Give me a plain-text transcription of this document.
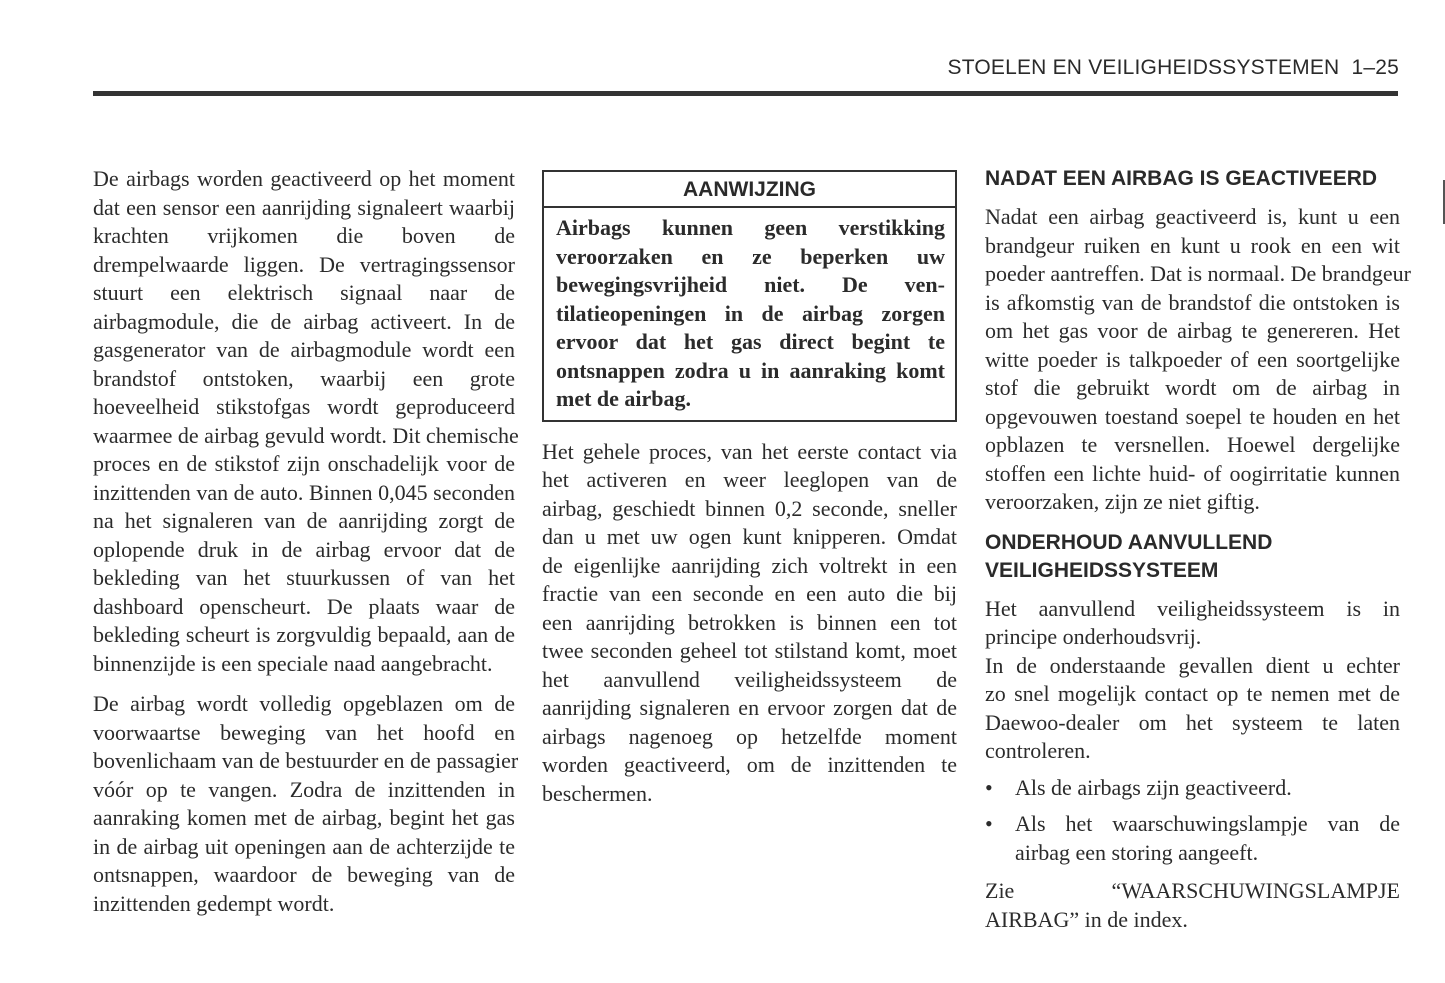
STOELEN EN VEILIGHEIDSSYSTEMEN 1–25

De airbags worden geactiveerd op het moment
dat een sensor een aanrijding signaleert waarbij
krachten vrijkomen die boven de
drempelwaarde liggen. De vertragingssensor
stuurt een elektrisch signaal naar de
airbagmodule, die de airbag activeert. In de
gasgenerator van de airbagmodule wordt een
brandstof ontstoken, waarbij een grote
hoeveelheid stikstofgas wordt geproduceerd
waarmee de airbag gevuld wordt. Dit chemische
proces en de stikstof zijn onschadelijk voor de
inzittenden van de auto. Binnen 0,045 seconden
na het signaleren van de aanrijding zorgt de
oplopende druk in de airbag ervoor dat de
bekleding van het stuurkussen of van het
dashboard openscheurt. De plaats waar de
bekleding scheurt is zorgvuldig bepaald, aan de
binnenzijde is een speciale naad aangebracht.

De airbag wordt volledig opgeblazen om de
voorwaartse beweging van het hoofd en
bovenlichaam van de bestuurder en de passagier
vóór op te vangen. Zodra de inzittenden in
aanraking komen met de airbag, begint het gas
in de airbag uit openingen aan de achterzijde te
ontsnappen, waardoor de beweging van de
inzittenden gedempt wordt.

AANWIJZING
Airbags kunnen geen verstikking
veroorzaken en ze beperken uw
bewegingsvrijheid niet. De ven-
tilatieopeningen in de airbag zorgen
ervoor dat het gas direct begint te
ontsnappen zodra u in aanraking komt
met de airbag.

Het gehele proces, van het eerste contact via
het activeren en weer leeglopen van de
airbag, geschiedt binnen 0,2 seconde, sneller
dan u met uw ogen kunt knipperen. Omdat
de eigenlijke aanrijding zich voltrekt in een
fractie van een seconde en een auto die bij
een aanrijding betrokken is binnen een tot
twee seconden geheel tot stilstand komt, moet
het aanvullend veiligheidssysteem de
aanrijding signaleren en ervoor zorgen dat de
airbags nagenoeg op hetzelfde moment
worden geactiveerd, om de inzittenden te
beschermen.

NADAT EEN AIRBAG IS GEACTIVEERD

Nadat een airbag geactiveerd is, kunt u een
brandgeur ruiken en kunt u rook en een wit
poeder aantreffen. Dat is normaal. De brandgeur
is afkomstig van de brandstof die ontstoken is
om het gas voor de airbag te genereren. Het
witte poeder is talkpoeder of een soortgelijke
stof die gebruikt wordt om de airbag in
opgevouwen toestand soepel te houden en het
opblazen te versnellen. Hoewel dergelijke
stoffen een lichte huid- of oogirritatie kunnen
veroorzaken, zijn ze niet giftig.

ONDERHOUD AANVULLEND
VEILIGHEIDSSYSTEEM

Het aanvullend veiligheidssysteem is in
principe onderhoudsvrij.
In de onderstaande gevallen dient u echter
zo snel mogelijk contact op te nemen met de
Daewoo-dealer om het systeem te laten
controleren.

• Als de airbags zijn geactiveerd.
• Als het waarschuwingslampje van de
airbag een storing aangeeft.

Zie “WAARSCHUWINGSLAMPJE
AIRBAG” in de index.
